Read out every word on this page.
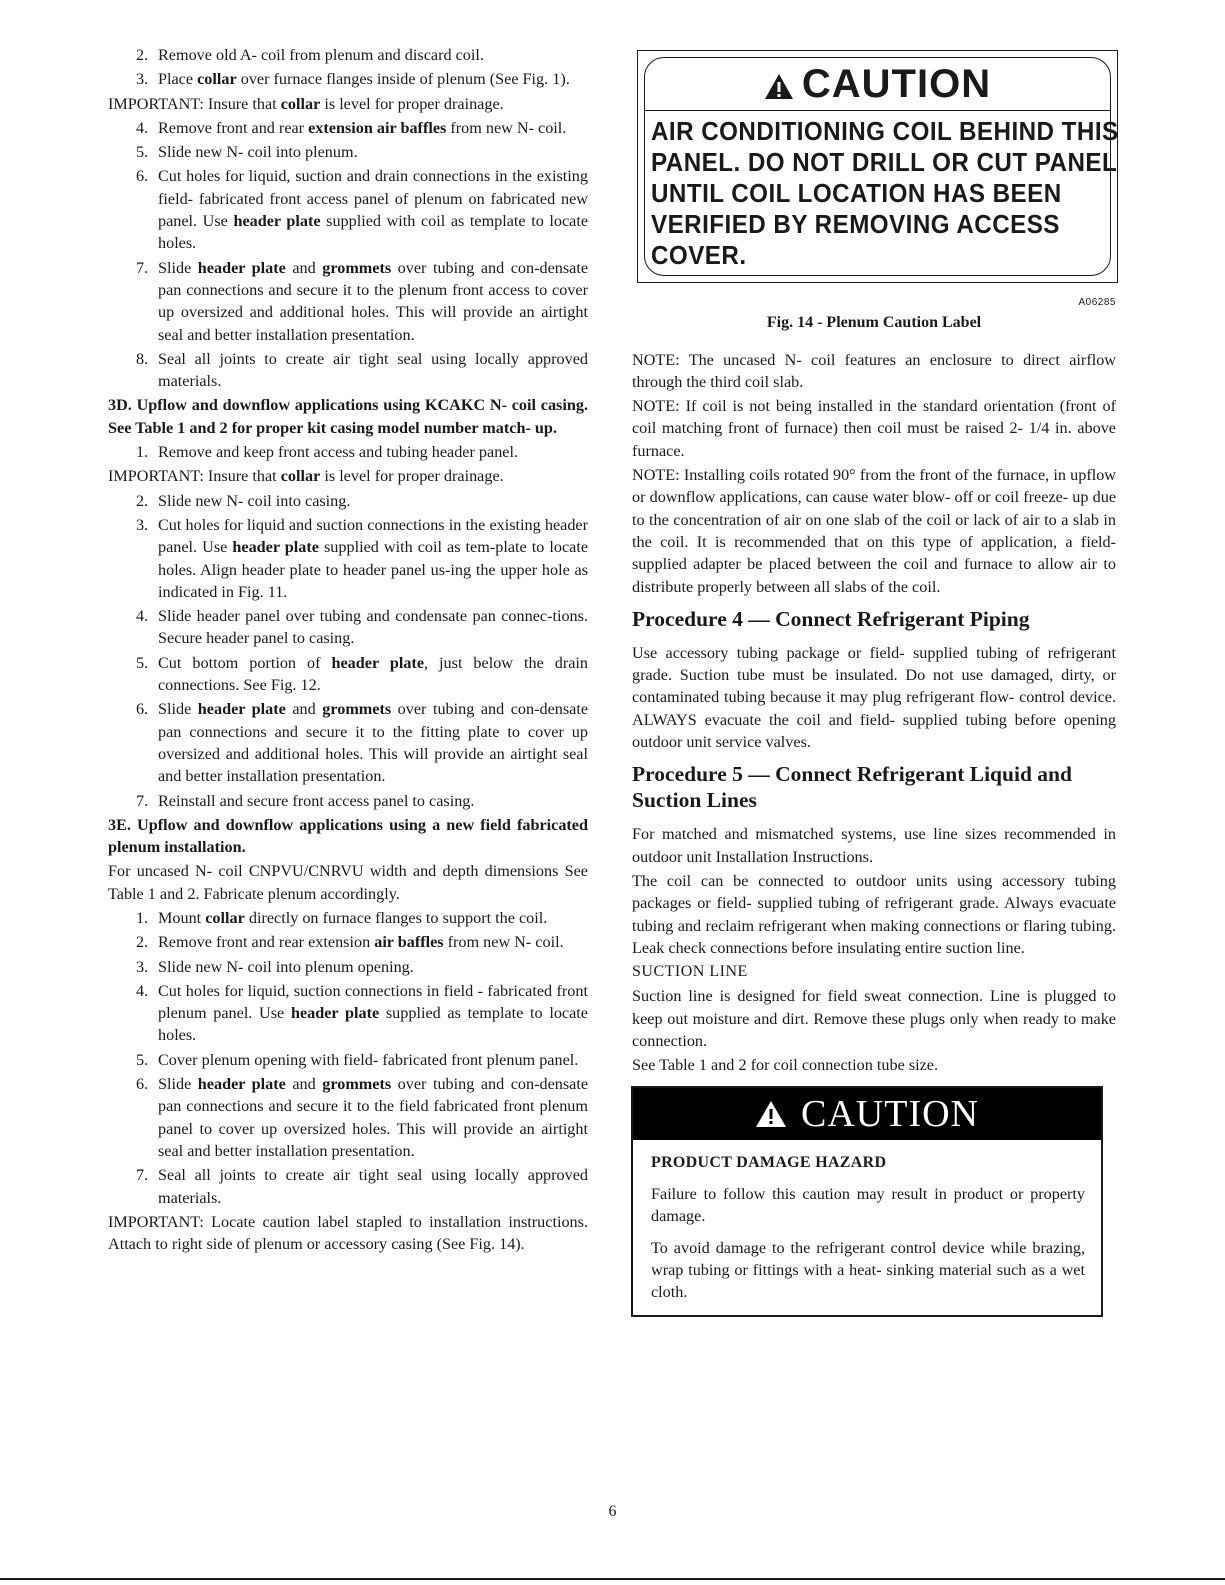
2. Remove old A- coil from plenum and discard coil.
3. Place collar over furnace flanges inside of plenum (See Fig. 1).
IMPORTANT: Insure that collar is level for proper drainage.
4. Remove front and rear extension air baffles from new N- coil.
5. Slide new N- coil into plenum.
6. Cut holes for liquid, suction and drain connections in the existing field- fabricated front access panel of plenum on fabricated new panel. Use header plate supplied with coil as template to locate holes.
7. Slide header plate and grommets over tubing and con-densate pan connections and secure it to the plenum front access to cover up oversized and additional holes. This will provide an airtight seal and better installation presentation.
8. Seal all joints to create air tight seal using locally approved materials.
3D. Upflow and downflow applications using KCAKC N- coil casing. See Table 1 and 2 for proper kit casing model number match- up.
1. Remove and keep front access and tubing header panel.
IMPORTANT: Insure that collar is level for proper drainage.
2. Slide new N- coil into casing.
3. Cut holes for liquid and suction connections in the existing header panel. Use header plate supplied with coil as tem-plate to locate holes. Align header plate to header panel us-ing the upper hole as indicated in Fig. 11.
4. Slide header panel over tubing and condensate pan connec-tions. Secure header panel to casing.
5. Cut bottom portion of header plate, just below the drain connections. See Fig. 12.
6. Slide header plate and grommets over tubing and con-densate pan connections and secure it to the fitting plate to cover up oversized and additional holes. This will provide an airtight seal and better installation presentation.
7. Reinstall and secure front access panel to casing.
3E. Upflow and downflow applications using a new field fabricated plenum installation.
For uncased N- coil CNPVU/CNRVU width and depth dimensions See Table 1 and 2. Fabricate plenum accordingly.
1. Mount collar directly on furnace flanges to support the coil.
2. Remove front and rear extension air baffles from new N- coil.
3. Slide new N- coil into plenum opening.
4. Cut holes for liquid, suction connections in field - fabricated front plenum panel. Use header plate supplied as template to locate holes.
5. Cover plenum opening with field- fabricated front plenum panel.
6. Slide header plate and grommets over tubing and con-densate pan connections and secure it to the field fabricated front plenum panel to cover up oversized holes. This will provide an airtight seal and better installation presentation.
7. Seal all joints to create air tight seal using locally approved materials.
IMPORTANT: Locate caution label stapled to installation instructions. Attach to right side of plenum or accessory casing (See Fig. 14).
CAUTION
AIR CONDITIONING COIL BEHIND THIS
PANEL. DO NOT DRILL OR CUT PANEL
UNTIL COIL LOCATION HAS BEEN
VERIFIED BY REMOVING ACCESS
COVER.
A06285
Fig. 14 - Plenum Caution Label
NOTE: The uncased N- coil features an enclosure to direct airflow through the third coil slab.
NOTE: If coil is not being installed in the standard orientation (front of coil matching front of furnace) then coil must be raised 2- 1/4 in. above furnace.
NOTE: Installing coils rotated 90° from the front of the furnace, in upflow or downflow applications, can cause water blow- off or coil freeze- up due to the concentration of air on one slab of the coil or lack of air to a slab in the coil. It is recommended that on this type of application, a field- supplied adapter be placed between the coil and furnace to allow air to distribute properly between all slabs of the coil.
Procedure 4 — Connect Refrigerant Piping
Use accessory tubing package or field- supplied tubing of refrigerant grade. Suction tube must be insulated. Do not use damaged, dirty, or contaminated tubing because it may plug refrigerant flow- control device. ALWAYS evacuate the coil and field- supplied tubing before opening outdoor unit service valves.
Procedure 5 — Connect Refrigerant Liquid and Suction Lines
For matched and mismatched systems, use line sizes recommended in outdoor unit Installation Instructions.
The coil can be connected to outdoor units using accessory tubing packages or field- supplied tubing of refrigerant grade. Always evacuate tubing and reclaim refrigerant when making connections or flaring tubing. Leak check connections before insulating entire suction line.
SUCTION LINE
Suction line is designed for field sweat connection. Line is plugged to keep out moisture and dirt. Remove these plugs only when ready to make connection.
See Table 1 and 2 for coil connection tube size.
CAUTION
PRODUCT DAMAGE HAZARD
Failure to follow this caution may result in product or property damage.
To avoid damage to the refrigerant control device while brazing, wrap tubing or fittings with a heat- sinking material such as a wet cloth.
6
